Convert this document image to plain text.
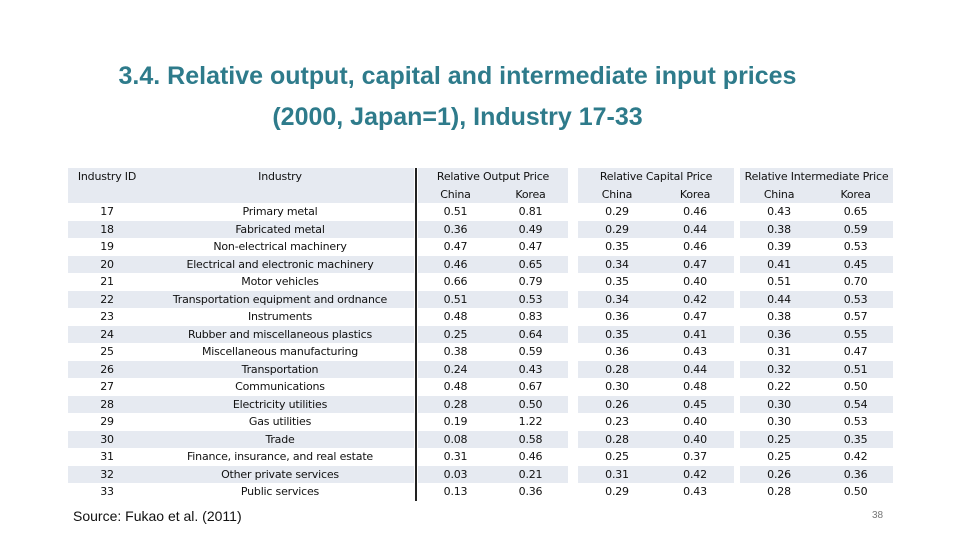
3.4. Relative output, capital and intermediate input prices
(2000, Japan=1), Industry 17-33
Industry ID	Industry			Relative Output Price			Relative Capital Price			Relative Intermediate Price	
				China	Korea		China	Korea		China	Korea
17	Primary metal			0.51	0.81		0.29	0.46		0.43	0.65
18	Fabricated metal			0.36	0.49		0.29	0.44		0.38	0.59
19	Non-electrical machinery			0.47	0.47		0.35	0.46		0.39	0.53
20	Electrical and electronic machinery			0.46	0.65		0.34	0.47		0.41	0.45
21	Motor vehicles			0.66	0.79		0.35	0.40		0.51	0.70
22	Transportation equipment and ordnance			0.51	0.53		0.34	0.42		0.44	0.53
23	Instruments			0.48	0.83		0.36	0.47		0.38	0.57
24	Rubber and miscellaneous plastics			0.25	0.64		0.35	0.41		0.36	0.55
25	Miscellaneous manufacturing			0.38	0.59		0.36	0.43		0.31	0.47
26	Transportation			0.24	0.43		0.28	0.44		0.32	0.51
27	Communications			0.48	0.67		0.30	0.48		0.22	0.50
28	Electricity utilities			0.28	0.50		0.26	0.45		0.30	0.54
29	Gas utilities			0.19	1.22		0.23	0.40		0.30	0.53
30	Trade			0.08	0.58		0.28	0.40		0.25	0.35
31	Finance, insurance, and real estate			0.31	0.46		0.25	0.37		0.25	0.42
32	Other private services			0.03	0.21		0.31	0.42		0.26	0.36
33	Public services			0.13	0.36		0.29	0.43		0.28	0.50
Source: Fukao et al. (2011)	38
